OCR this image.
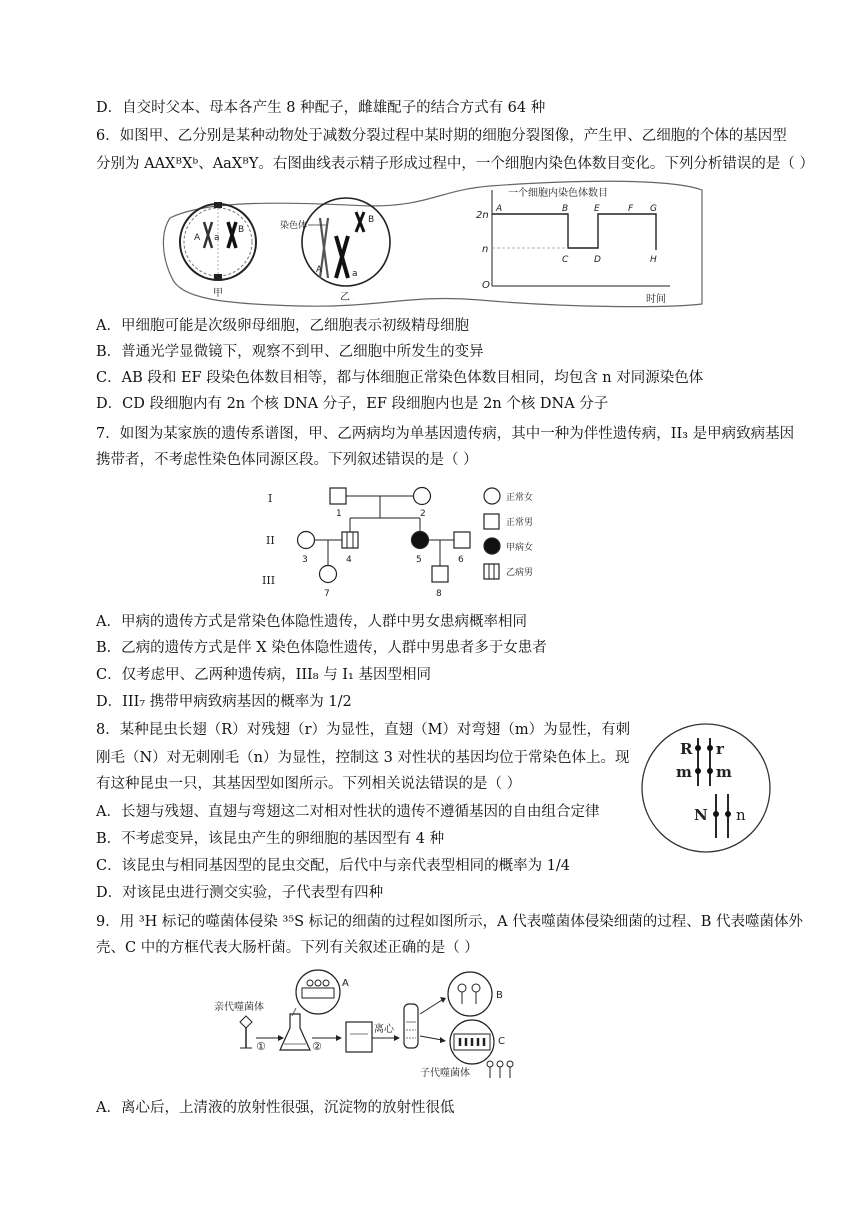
D．自交时父本、母本各产生 8 种配子，雌雄配子的结合方式有 64 种
6．如图甲、乙分别是某种动物处于减数分裂过程中某时期的细胞分裂图像，产生甲、乙细胞的个体的基因型
分别为 AAXᴮXᵇ、AaXᴮY。右图曲线表示精子形成过程中，一个细胞内染色体数目变化。下列分析错误的是（ ）
A a
B
甲
染色体
B
A	a
乙
一个细胞内染色体数目
2n
n
O
时间
A	B
C	D
E	F G
H
A．甲细胞可能是次级卵母细胞，乙细胞表示初级精母细胞
B．普通光学显微镜下，观察不到甲、乙细胞中所发生的变异
C．AB 段和 EF 段染色体数目相等，都与体细胞正常染色体数目相同，均包含 n 对同源染色体
D．CD 段细胞内有 2n 个核 DNA 分子，EF 段细胞内也是 2n 个核 DNA 分子
7．如图为某家族的遗传系谱图，甲、乙两病均为单基因遗传病，其中一种为伴性遗传病，II₃ 是甲病致病基因
携带者，不考虑性染色体同源区段。下列叙述错误的是（ ）
I
II
III
1	2
3	4	5	6
7	8
正常女
正常男
甲病女
乙病男
A．甲病的遗传方式是常染色体隐性遗传，人群中男女患病概率相同
B．乙病的遗传方式是伴 X 染色体隐性遗传，人群中男患者多于女患者
C．仅考虑甲、乙两种遗传病，III₈ 与 I₁ 基因型相同
D．III₇ 携带甲病致病基因的概率为 1/2
8．某种昆虫长翅（R）对残翅（r）为显性，直翅（M）对弯翅（m）为显性，有刺
刚毛（N）对无刺刚毛（n）为显性，控制这 3 对性状的基因均位于常染色体上。现
有这种昆虫一只，其基因型如图所示。下列相关说法错误的是（ ）
R r
m m
N n
A．长翅与残翅、直翅与弯翅这二对相对性状的遗传不遵循基因的自由组合定律
B．不考虑变异，该昆虫产生的卵细胞的基因型有 4 种
C．该昆虫与相同基因型的昆虫交配，后代中与亲代表型相同的概率为 1/4
D．对该昆虫进行测交实验，子代表型有四种
9．用 ³H 标记的噬菌体侵染 ³⁵S 标记的细菌的过程如图所示，A 代表噬菌体侵染细菌的过程、B 代表噬菌体外
壳、C 中的方框代表大肠杆菌。下列有关叙述正确的是（ ）
亲代噬菌体
①	②
A
离心
B
C
子代噬菌体
A．离心后，上清液的放射性很强，沉淀物的放射性很低
